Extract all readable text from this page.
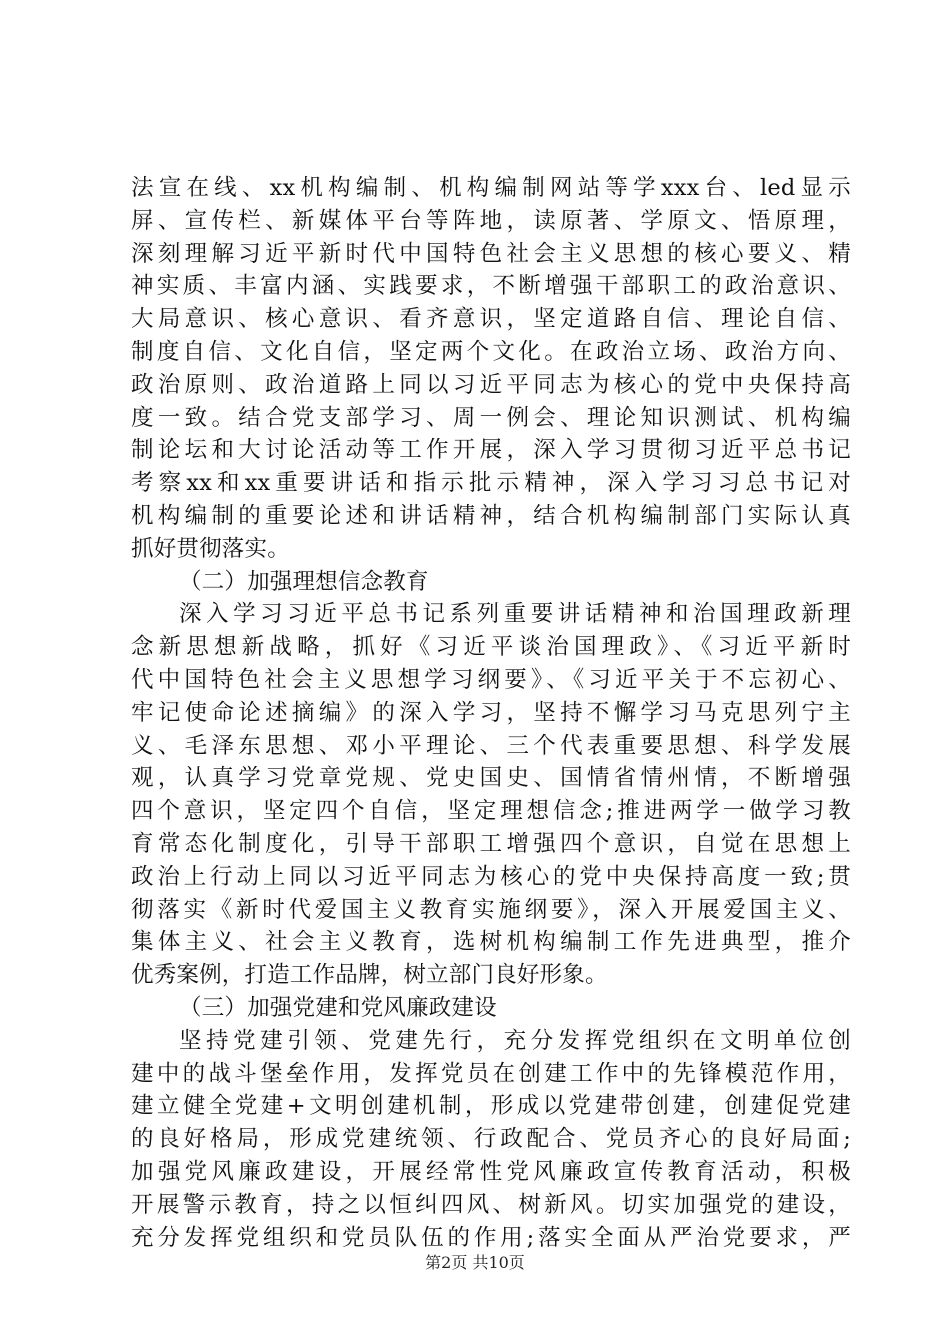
法宣在线、xx机构编制、机构编制网站等学xxx台、led显示
屏、宣传栏、新媒体平台等阵地，读原著、学原文、悟原理，
深刻理解习近平新时代中国特色社会主义思想的核心要义、精
神实质、丰富内涵、实践要求，不断增强干部职工的政治意识、
大局意识、核心意识、看齐意识，坚定道路自信、理论自信、
制度自信、文化自信，坚定两个文化。在政治立场、政治方向、
政治原则、政治道路上同以习近平同志为核心的党中央保持高
度一致。结合党支部学习、周一例会、理论知识测试、机构编
制论坛和大讨论活动等工作开展，深入学习贯彻习近平总书记
考察xx和xx重要讲话和指示批示精神，深入学习习总书记对
机构编制的重要论述和讲话精神，结合机构编制部门实际认真
抓好贯彻落实。
（二）加强理想信念教育
深入学习习近平总书记系列重要讲话精神和治国理政新理
念新思想新战略，抓好《习近平谈治国理政》、《习近平新时
代中国特色社会主义思想学习纲要》、《习近平关于不忘初心、
牢记使命论述摘编》的深入学习，坚持不懈学习马克思列宁主
义、毛泽东思想、邓小平理论、三个代表重要思想、科学发展
观，认真学习党章党规、党史国史、国情省情州情，不断增强
四个意识，坚定四个自信，坚定理想信念;推进两学一做学习教
育常态化制度化，引导干部职工增强四个意识，自觉在思想上
政治上行动上同以习近平同志为核心的党中央保持高度一致;贯
彻落实《新时代爱国主义教育实施纲要》，深入开展爱国主义、
集体主义、社会主义教育，选树机构编制工作先进典型，推介
优秀案例，打造工作品牌，树立部门良好形象。
（三）加强党建和党风廉政建设
坚持党建引领、党建先行，充分发挥党组织在文明单位创
建中的战斗堡垒作用，发挥党员在创建工作中的先锋模范作用，
建立健全党建+文明创建机制，形成以党建带创建，创建促党建
的良好格局，形成党建统领、行政配合、党员齐心的良好局面;
加强党风廉政建设，开展经常性党风廉政宣传教育活动，积极
开展警示教育，持之以恒纠四风、树新风。切实加强党的建设，
充分发挥党组织和党员队伍的作用;落实全面从严治党要求，严
第2页 共10页
